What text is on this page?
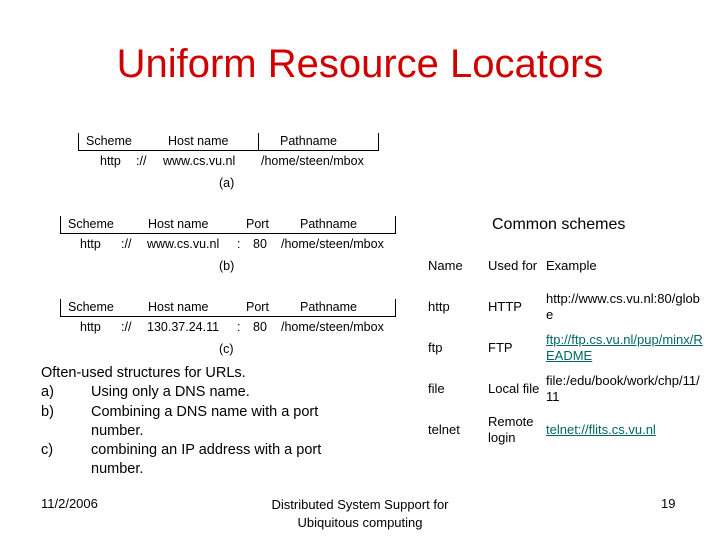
Uniform Resource Locators
Scheme	Host name	Pathname
http :// www.cs.vu.nl /home/steen/mbox
(a)
Scheme	Host name	Port Pathname
http :// www.cs.vu.nl : 80 /home/steen/mbox
(b)
Scheme	Host name	Port Pathname
http :// 130.37.24.11 : 80 /home/steen/mbox
(c)
Common schemes
Name	Used for	Example
http	HTTP	http://www.cs.vu.nl:80/globe
ftp	FTP	ftp://ftp.cs.vu.nl/pup/minx/README
file	Local file	file:/edu/book/work/chp/11/11
telnet	Remote login	telnet://flits.cs.vu.nl
Often-used structures for URLs.
a)	Using only a DNS name.
b)	Combining a DNS name with a port
number.
c)	combining an IP address with a port
number.
11/2/2006	Distributed System Support for Ubiquitous computing
19
